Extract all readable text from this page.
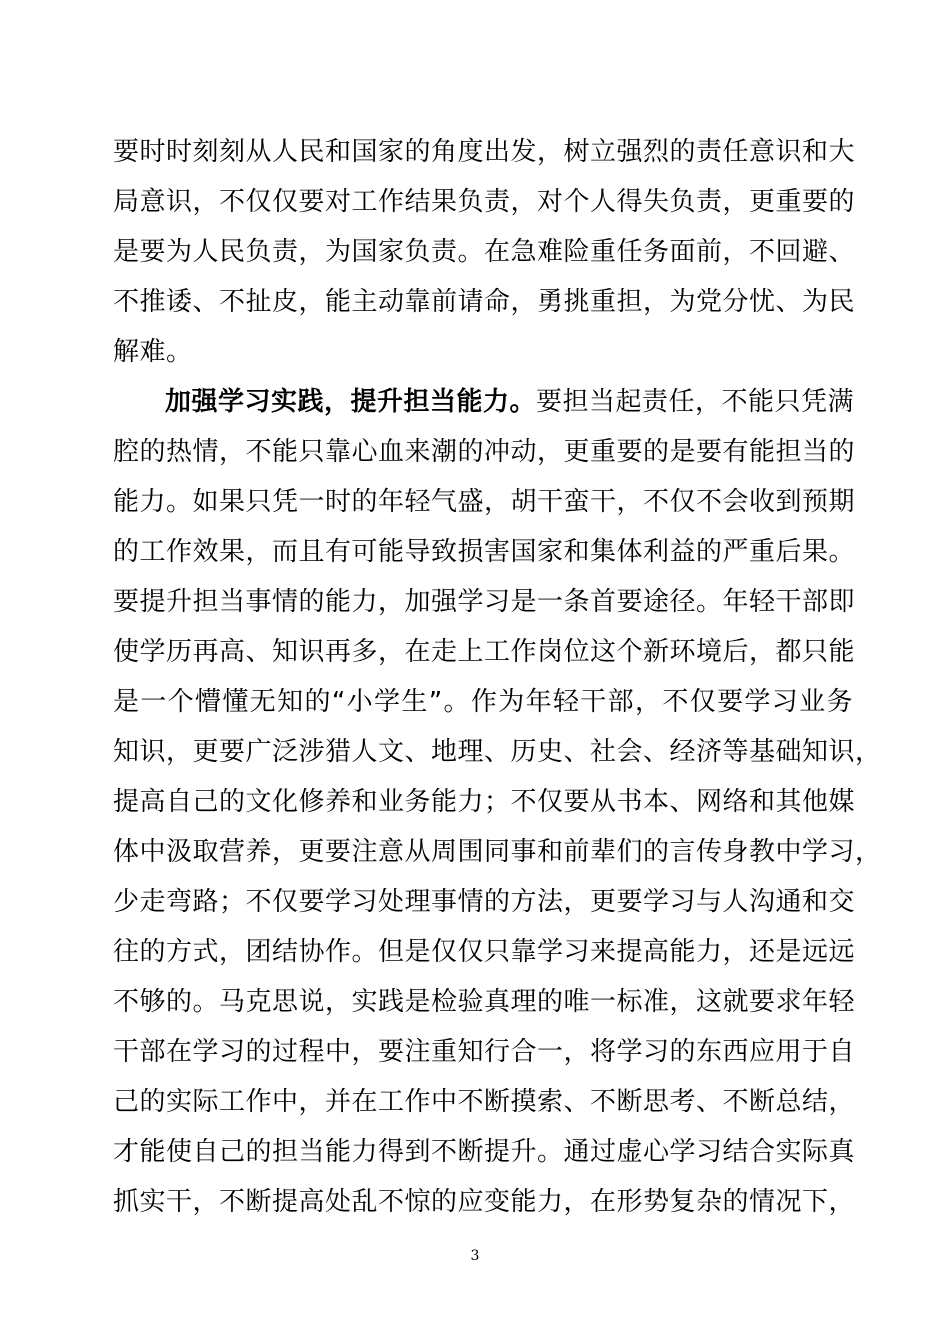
要时时刻刻从人民和国家的角度出发，树立强烈的责任意识和大
局意识，不仅仅要对工作结果负责，对个人得失负责，更重要的
是要为人民负责，为国家负责。在急难险重任务面前，不回避、
不推诿、不扯皮，能主动靠前请命，勇挑重担，为党分忧、为民
解难。
加强学习实践，提升担当能力。要担当起责任，不能只凭满
腔的热情，不能只靠心血来潮的冲动，更重要的是要有能担当的
能力。如果只凭一时的年轻气盛，胡干蛮干，不仅不会收到预期
的工作效果，而且有可能导致损害国家和集体利益的严重后果。
要提升担当事情的能力，加强学习是一条首要途径。年轻干部即
使学历再高、知识再多，在走上工作岗位这个新环境后，都只能
是一个懵懂无知的“小学生”。作为年轻干部，不仅要学习业务
知识，更要广泛涉猎人文、地理、历史、社会、经济等基础知识，
提高自己的文化修养和业务能力；不仅要从书本、网络和其他媒
体中汲取营养，更要注意从周围同事和前辈们的言传身教中学习，
少走弯路；不仅要学习处理事情的方法，更要学习与人沟通和交
往的方式，团结协作。但是仅仅只靠学习来提高能力，还是远远
不够的。马克思说，实践是检验真理的唯一标准，这就要求年轻
干部在学习的过程中，要注重知行合一，将学习的东西应用于自
己的实际工作中，并在工作中不断摸索、不断思考、不断总结，
才能使自己的担当能力得到不断提升。通过虚心学习结合实际真
抓实干，不断提高处乱不惊的应变能力，在形势复杂的情况下，
3
